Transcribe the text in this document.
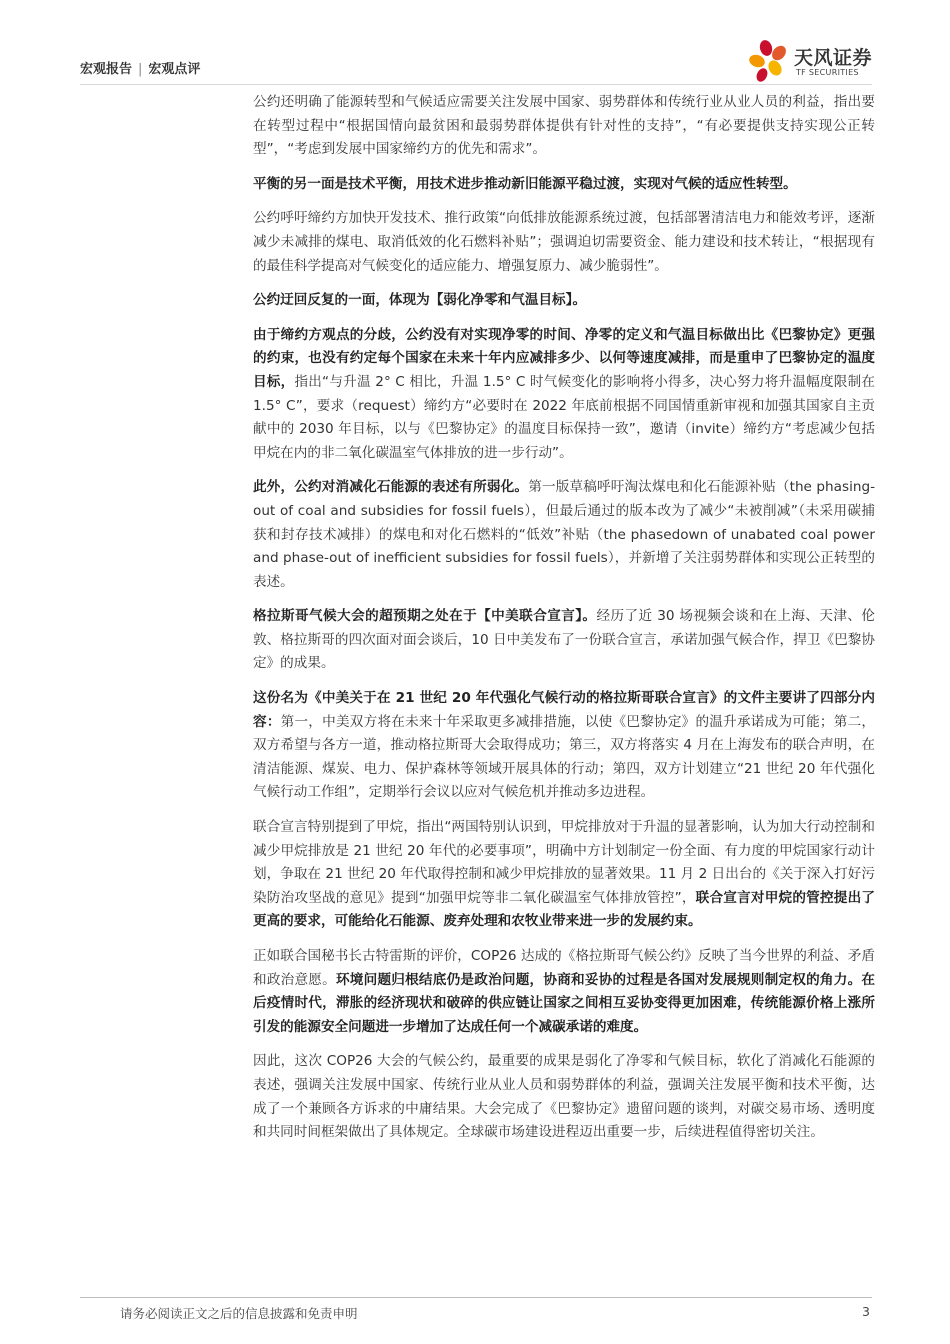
宏观报告 | 宏观点评
天风证券
TF SECURITIES

公约还明确了能源转型和气候适应需要关注发展中国家、弱势群体和传统行业从业人员的利益，指出要在转型过程中“根据国情向最贫困和最弱势群体提供有针对性的支持”，“有必要提供支持实现公正转型”，“考虑到发展中国家缔约方的优先和需求”。

平衡的另一面是技术平衡，用技术进步推动新旧能源平稳过渡，实现对气候的适应性转型。

公约呼吁缔约方加快开发技术、推行政策“向低排放能源系统过渡，包括部署清洁电力和能效考评，逐渐减少未减排的煤电、取消低效的化石燃料补贴”；强调迫切需要资金、能力建设和技术转让，“根据现有的最佳科学提高对气候变化的适应能力、增强复原力、减少脆弱性”。

公约迂回反复的一面，体现为【弱化净零和气温目标】。

由于缔约方观点的分歧，公约没有对实现净零的时间、净零的定义和气温目标做出比《巴黎协定》更强的约束，也没有约定每个国家在未来十年内应减排多少、以何等速度减排，而是重申了巴黎协定的温度目标，指出“与升温 2° C 相比，升温 1.5° C 时气候变化的影响将小得多，决心努力将升温幅度限制在 1.5° C”，要求（request）缔约方“必要时在 2022 年底前根据不同国情重新审视和加强其国家自主贡献中的 2030 年目标，以与《巴黎协定》的温度目标保持一致”，邀请（invite）缔约方“考虑减少包括甲烷在内的非二氧化碳温室气体排放的进一步行动”。

此外，公约对消减化石能源的表述有所弱化。第一版草稿呼吁淘汰煤电和化石能源补贴（the phasing-out of coal and subsidies for fossil fuels），但最后通过的版本改为了减少“未被削减”（未采用碳捕获和封存技术减排）的煤电和对化石燃料的“低效”补贴（the phasedown of unabated coal power and phase-out of inefficient subsidies for fossil fuels），并新增了关注弱势群体和实现公正转型的表述。

格拉斯哥气候大会的超预期之处在于【中美联合宣言】。经历了近 30 场视频会谈和在上海、天津、伦敦、格拉斯哥的四次面对面会谈后，10 日中美发布了一份联合宣言，承诺加强气候合作，捍卫《巴黎协定》的成果。

这份名为《中美关于在 21 世纪 20 年代强化气候行动的格拉斯哥联合宣言》的文件主要讲了四部分内容：第一，中美双方将在未来十年采取更多减排措施，以使《巴黎协定》的温升承诺成为可能；第二，双方希望与各方一道，推动格拉斯哥大会取得成功；第三，双方将落实 4 月在上海发布的联合声明，在清洁能源、煤炭、电力、保护森林等领域开展具体的行动；第四，双方计划建立“21 世纪 20 年代强化气候行动工作组”，定期举行会议以应对气候危机并推动多边进程。

联合宣言特别提到了甲烷，指出“两国特别认识到，甲烷排放对于升温的显著影响，认为加大行动控制和减少甲烷排放是 21 世纪 20 年代的必要事项”，明确中方计划制定一份全面、有力度的甲烷国家行动计划，争取在 21 世纪 20 年代取得控制和减少甲烷排放的显著效果。11 月 2 日出台的《关于深入打好污染防治攻坚战的意见》提到“加强甲烷等非二氧化碳温室气体排放管控”，联合宣言对甲烷的管控提出了更高的要求，可能给化石能源、废弃处理和农牧业带来进一步的发展约束。

正如联合国秘书长古特雷斯的评价，COP26 达成的《格拉斯哥气候公约》反映了当今世界的利益、矛盾和政治意愿。环境问题归根结底仍是政治问题，协商和妥协的过程是各国对发展规则制定权的角力。在后疫情时代，滞胀的经济现状和破碎的供应链让国家之间相互妥协变得更加困难，传统能源价格上涨所引发的能源安全问题进一步增加了达成任何一个减碳承诺的难度。

因此，这次 COP26 大会的气候公约，最重要的成果是弱化了净零和气候目标，软化了消减化石能源的表述，强调关注发展中国家、传统行业从业人员和弱势群体的利益，强调关注发展平衡和技术平衡，达成了一个兼顾各方诉求的中庸结果。大会完成了《巴黎协定》遗留问题的谈判，对碳交易市场、透明度和共同时间框架做出了具体规定。全球碳市场建设进程迈出重要一步，后续进程值得密切关注。

请务必阅读正文之后的信息披露和免责申明	3
